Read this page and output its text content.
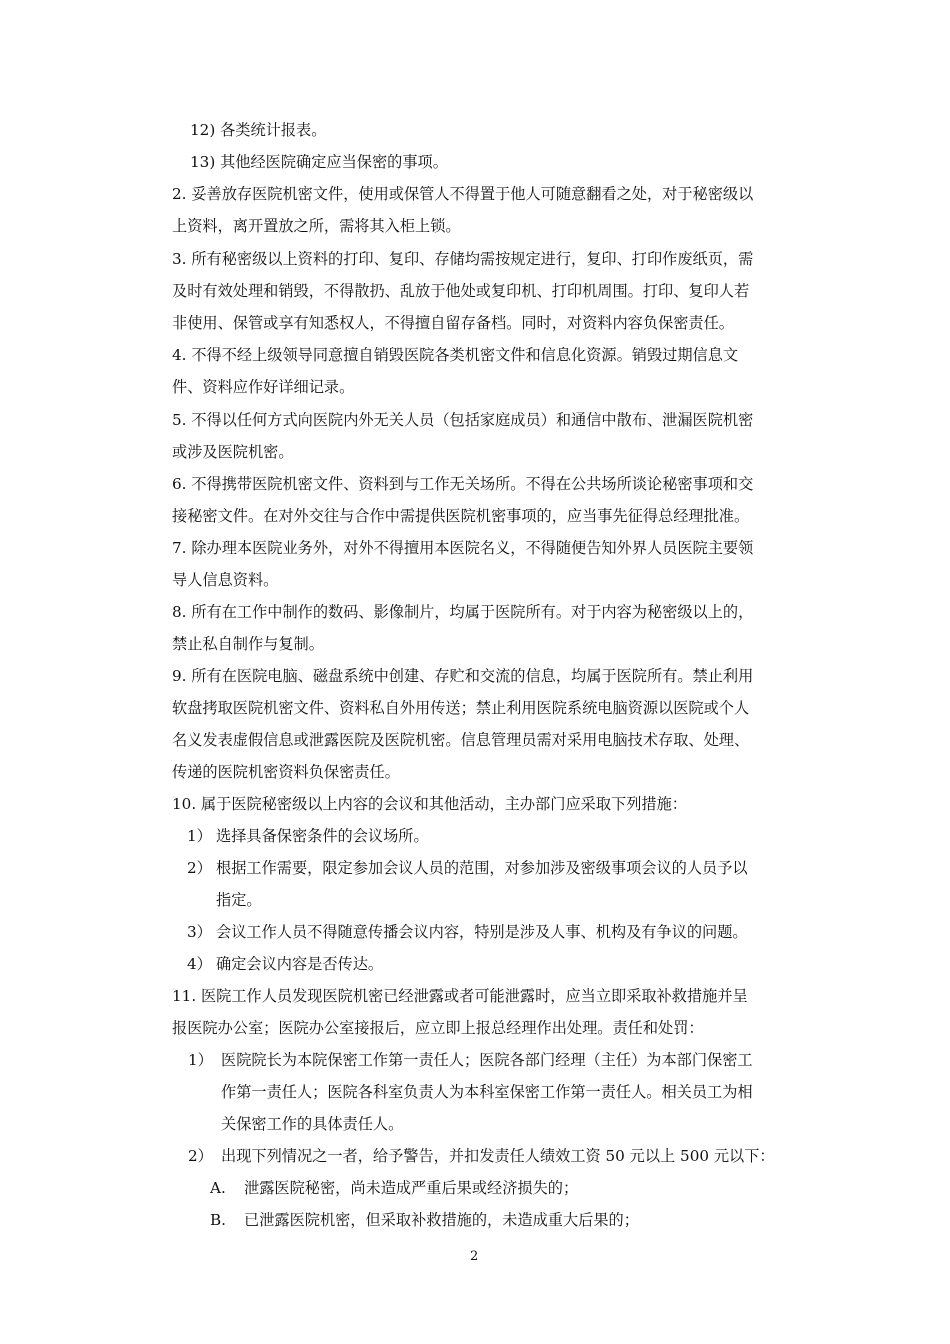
12) 各类统计报表。
13) 其他经医院确定应当保密的事项。
2. 妥善放存医院机密文件，使用或保管人不得置于他人可随意翻看之处，对于秘密级以
上资料，离开置放之所，需将其入柜上锁。
3. 所有秘密级以上资料的打印、复印、存储均需按规定进行，复印、打印作废纸页，需
及时有效处理和销毁，不得散扔、乱放于他处或复印机、打印机周围。打印、复印人若
非使用、保管或享有知悉权人，不得擅自留存备档。同时，对资料内容负保密责任。
4. 不得不经上级领导同意擅自销毁医院各类机密文件和信息化资源。销毁过期信息文
件、资料应作好详细记录。
5. 不得以任何方式向医院内外无关人员（包括家庭成员）和通信中散布、泄漏医院机密
或涉及医院机密。
6. 不得携带医院机密文件、资料到与工作无关场所。不得在公共场所谈论秘密事项和交
接秘密文件。在对外交往与合作中需提供医院机密事项的，应当事先征得总经理批准。
7. 除办理本医院业务外，对外不得擅用本医院名义，不得随便告知外界人员医院主要领
导人信息资料。
8. 所有在工作中制作的数码、影像制片，均属于医院所有。对于内容为秘密级以上的，
禁止私自制作与复制。
9. 所有在医院电脑、磁盘系统中创建、存贮和交流的信息，均属于医院所有。禁止利用
软盘拷取医院机密文件、资料私自外用传送；禁止利用医院系统电脑资源以医院或个人
名义发表虚假信息或泄露医院及医院机密。信息管理员需对采用电脑技术存取、处理、
传递的医院机密资料负保密责任。
10. 属于医院秘密级以上内容的会议和其他活动，主办部门应采取下列措施：
1） 选择具备保密条件的会议场所。
2） 根据工作需要，限定参加会议人员的范围，对参加涉及密级事项会议的人员予以
指定。
3） 会议工作人员不得随意传播会议内容，特别是涉及人事、机构及有争议的问题。
4） 确定会议内容是否传达。
11. 医院工作人员发现医院机密已经泄露或者可能泄露时，应当立即采取补救措施并呈
报医院办公室；医院办公室接报后，应立即上报总经理作出处理。责任和处罚：
1） 医院院长为本院保密工作第一责任人；医院各部门经理（主任）为本部门保密工
作第一责任人；医院各科室负责人为本科室保密工作第一责任人。相关员工为相
关保密工作的具体责任人。
2） 出现下列情况之一者，给予警告，并扣发责任人绩效工资 50 元以上 500 元以下：
A. 泄露医院秘密，尚未造成严重后果或经济损失的；
B. 已泄露医院机密，但采取补救措施的，未造成重大后果的；
2
